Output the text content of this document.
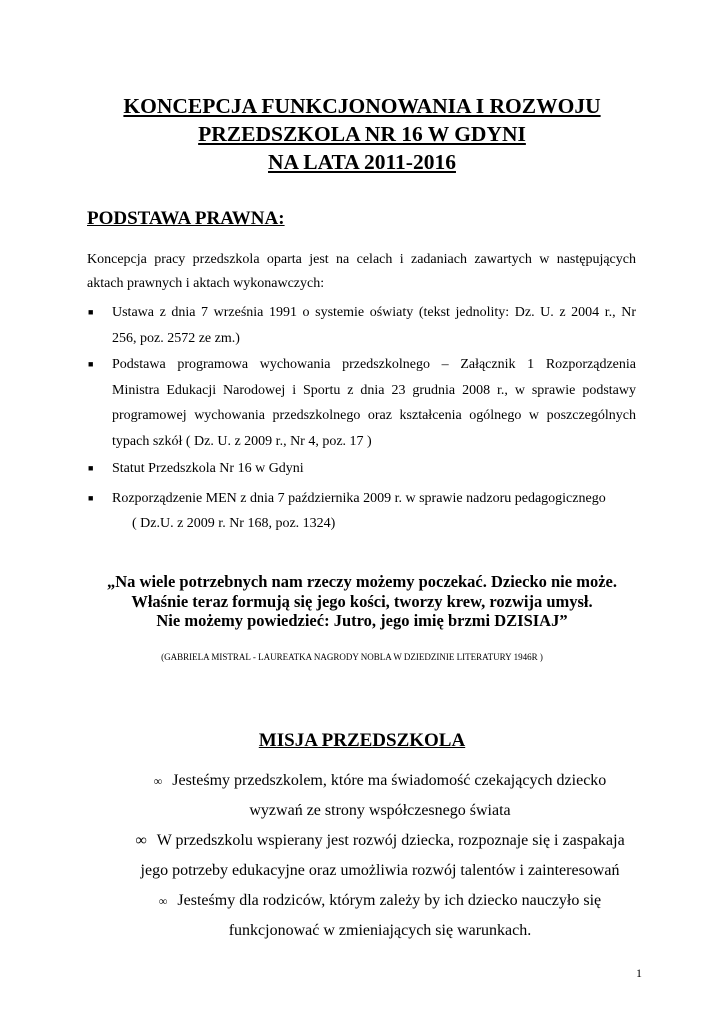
KONCEPCJA FUNKCJONOWANIA I ROZWOJU
PRZEDSZKOLA NR 16 W GDYNI
NA LATA 2011-2016
PODSTAWA PRAWNA:
Koncepcja pracy przedszkola oparta jest na celach i zadaniach zawartych w następujących
aktach prawnych i aktach wykonawczych:
■ Ustawa z dnia 7 września 1991 o systemie oświaty (tekst jednolity: Dz. U. z 2004 r., Nr
256, poz. 2572 ze zm.)
■ Podstawa programowa wychowania przedszkolnego – Załącznik 1 Rozporządzenia
Ministra Edukacji Narodowej i Sportu z dnia 23 grudnia 2008 r., w sprawie podstawy
programowej wychowania przedszkolnego oraz kształcenia ogólnego w poszczególnych
typach szkół ( Dz. U. z 2009 r., Nr 4, poz. 17 )
■ Statut Przedszkola Nr 16 w Gdyni
■ Rozporządzenie MEN z dnia 7 października 2009 r. w sprawie nadzoru pedagogicznego
( Dz.U. z 2009 r. Nr 168, poz. 1324)
„Na wiele potrzebnych nam rzeczy możemy poczekać. Dziecko nie może.
Właśnie teraz formują się jego kości, tworzy krew, rozwija umysł.
Nie możemy powiedzieć: Jutro, jego imię brzmi DZISIAJ”
(GABRIELA MISTRAL - LAUREATKA NAGRODY NOBLA W DZIEDZINIE LITERATURY 1946R )
MISJA PRZEDSZKOLA
∞ Jesteśmy przedszkolem, które ma świadomość czekających dziecko
wyzwań ze strony współczesnego świata
∞ W przedszkolu wspierany jest rozwój dziecka, rozpoznaje się i zaspakaja
jego potrzeby edukacyjne oraz umożliwia rozwój talentów i zainteresowań
∞ Jesteśmy dla rodziców, którym zależy by ich dziecko nauczyło się
funkcjonować w zmieniających się warunkach.
1
